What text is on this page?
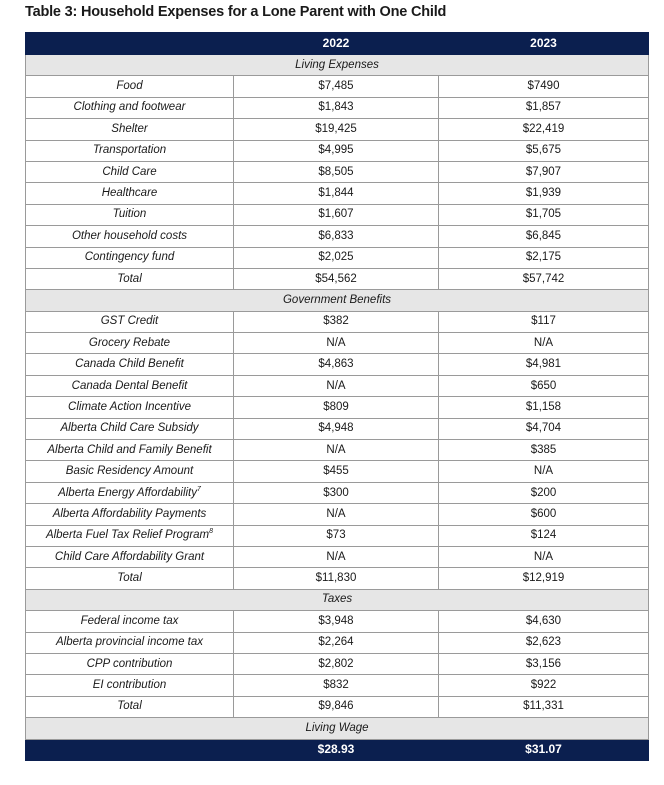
Table 3: Household Expenses for a Lone Parent with One Child
	2022	2023
Living Expenses		
Food	$7,485	$7490
Clothing and footwear	$1,843	$1,857
Shelter	$19,425	$22,419
Transportation	$4,995	$5,675
Child Care	$8,505	$7,907
Healthcare	$1,844	$1,939
Tuition	$1,607	$1,705
Other household costs	$6,833	$6,845
Contingency fund	$2,025	$2,175
Total	$54,562	$57,742
Government Benefits		
GST Credit	$382	$117
Grocery Rebate	N/A	N/A
Canada Child Benefit	$4,863	$4,981
Canada Dental Benefit	N/A	$650
Climate Action Incentive	$809	$1,158
Alberta Child Care Subsidy	$4,948	$4,704
Alberta Child and Family Benefit	N/A	$385
Basic Residency Amount	$455	N/A
Alberta Energy Affordability$^7$	$300	$200
Alberta Affordability Payments	N/A	$600
Alberta Fuel Tax Relief Program$^8$	$73	$124
Child Care Affordability Grant	N/A	N/A
Total	$11,830	$12,919
Taxes		
Federal income tax	$3,948	$4,630
Alberta provincial income tax	$2,264	$2,623
CPP contribution	$2,802	$3,156
EI contribution	$832	$922
Total	$9,846	$11,331
Living Wage		
	$28.93	$31.07
